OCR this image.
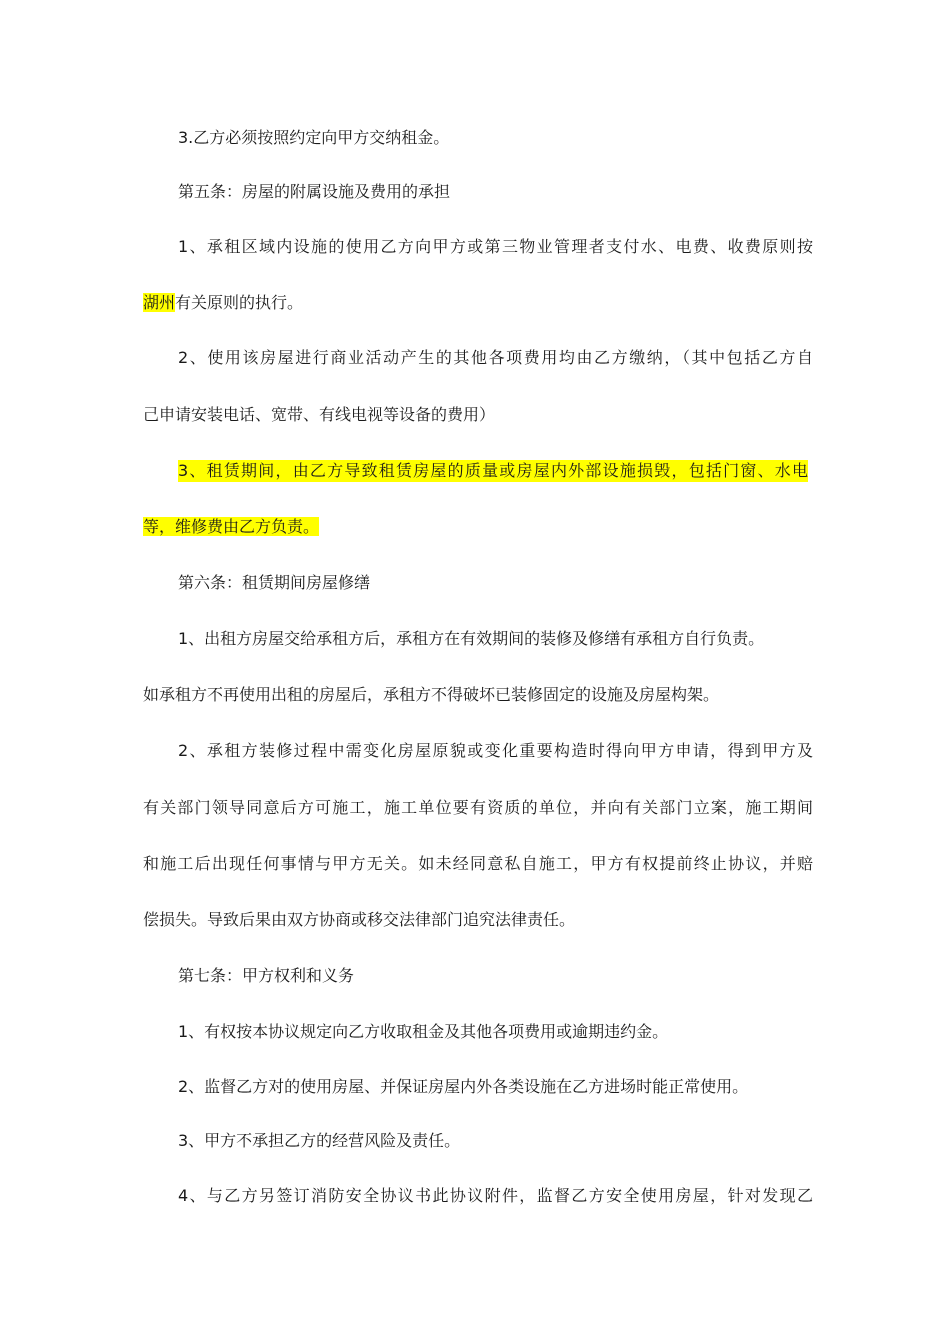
3.乙方必须按照约定向甲方交纳租金。
第五条：房屋的附属设施及费用的承担
1、承租区域内设施的使用乙方向甲方或第三物业管理者支付水、电费、收费原则按
湖州有关原则的执行。
2、使用该房屋进行商业活动产生的其他各项费用均由乙方缴纳，（其中包括乙方自
己申请安装电话、宽带、有线电视等设备的费用）
3、租赁期间，由乙方导致租赁房屋的质量或房屋内外部设施损毁，包括门窗、水电
等，维修费由乙方负责。
第六条：租赁期间房屋修缮
1、出租方房屋交给承租方后，承租方在有效期间的装修及修缮有承租方自行负责。
如承租方不再使用出租的房屋后，承租方不得破坏已装修固定的设施及房屋构架。
2、承租方装修过程中需变化房屋原貌或变化重要构造时得向甲方申请，得到甲方及
有关部门领导同意后方可施工，施工单位要有资质的单位，并向有关部门立案，施工期间
和施工后出现任何事情与甲方无关。如未经同意私自施工，甲方有权提前终止协议，并赔
偿损失。导致后果由双方协商或移交法律部门追究法律责任。
第七条：甲方权利和义务
1、有权按本协议规定向乙方收取租金及其他各项费用或逾期违约金。
2、监督乙方对的使用房屋、并保证房屋内外各类设施在乙方进场时能正常使用。
3、甲方不承担乙方的经营风险及责任。
4、与乙方另签订消防安全协议书此协议附件，监督乙方安全使用房屋，针对发现乙
